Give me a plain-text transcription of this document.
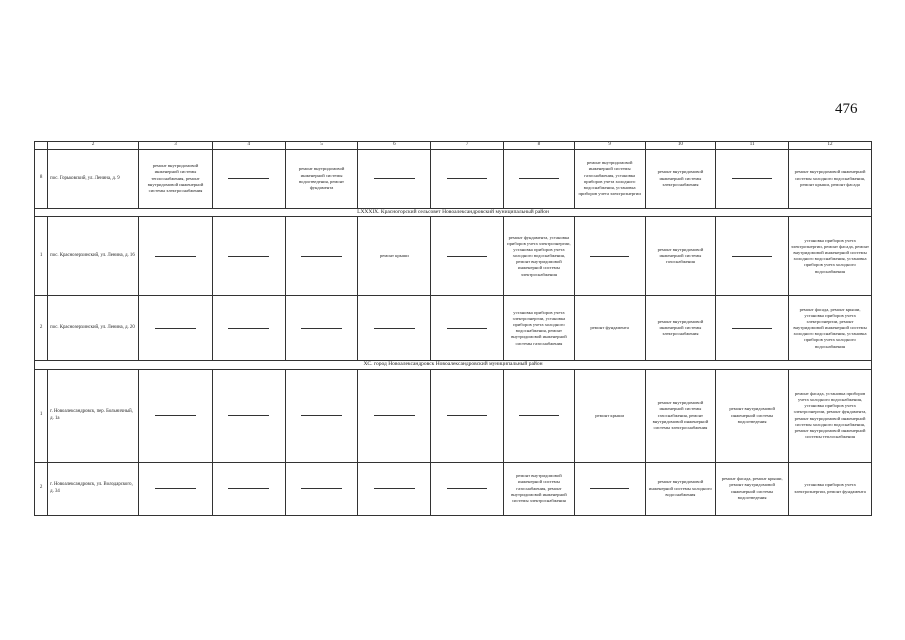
476
	2	3	4	5	6	7	8	9	10	11	12
8	пос. Горьковский, ул. Ленина, д. 9	ремонт внутридомовой инженерной системы теплоснабжения, ремонт внутридомовой инженерной системы электроснабжения		ремонт внутридомовой инженерной системы водоотведения, ремонт фундамента				ремонт внутридомовой инженерной системы газоснабжения, установка приборов учета холодного водоснабжения, установка приборов учета электроэнергии	ремонт внутридомовой инженерной системы электроснабжения		ремонт внутридомовой инженерной системы холодного водоснабжения, ремонт крыши, ремонт фасада
LXXXIX. Красногорский сельсовет Новоалександровский муниципальный район											
1	пос. Краснозерхинский, ул. Ленина, д. 16				ремонт крыши		ремонт фундамента, установка приборов учета электроэнергии, установка приборов учета холодного водоснабжения, ремонт внутридомовой инженерной системы электроснабжения		ремонт внутридомовой инженерной системы газоснабжения		установка приборов учета электроэнергии, ремонт фасада, ремонт внутридомовой инженерной системы холодного водоснабжения, установка приборов учета холодного водоснабжения
2	пос. Краснозерхинский, ул. Ленина, д. 20						установка приборов учета электроэнергии, установка приборов учета холодного водоснабжения, ремонт внутридомовой инженерной системы газоснабжения	ремонт фундамента	ремонт внутридомовой инженерной системы электроснабжения		ремонт фасада, ремонт крыши, установка приборов учета электроэнергии, ремонт внутридомовой инженерной системы холодного водоснабжения, установка приборов учета холодного водоснабжения
XC. город Новоалександровск Новоалександровский муниципальный район											
1	г. Новоалександровск, пер. Больничный, д. 1а							ремонт крыши	ремонт внутридомовой инженерной системы газоснабжения, ремонт внутридомовой инженерной системы электроснабжения	ремонт внутридомовой инженерной системы водоотведения	ремонт фасада, установка приборов учета холодного водоснабжения, установка приборов учета электроэнергии, ремонт фундамента, ремонт внутридомовой инженерной системы холодного водоснабжения, ремонт внутридомовой инженерной системы теплоснабжения
2	г. Новоалександровск, ул. Володарского, д. 34						ремонт внутридомовой инженерной системы газоснабжения, ремонт внутридомовой инженерной системы электроснабжения		ремонт внутридомовой инженерной системы холодного водоснабжения	ремонт фасада, ремонт крыши, ремонт внутридомовой инженерной системы водоотведения	установка приборов учета электроэнергии, ремонт фундамента
